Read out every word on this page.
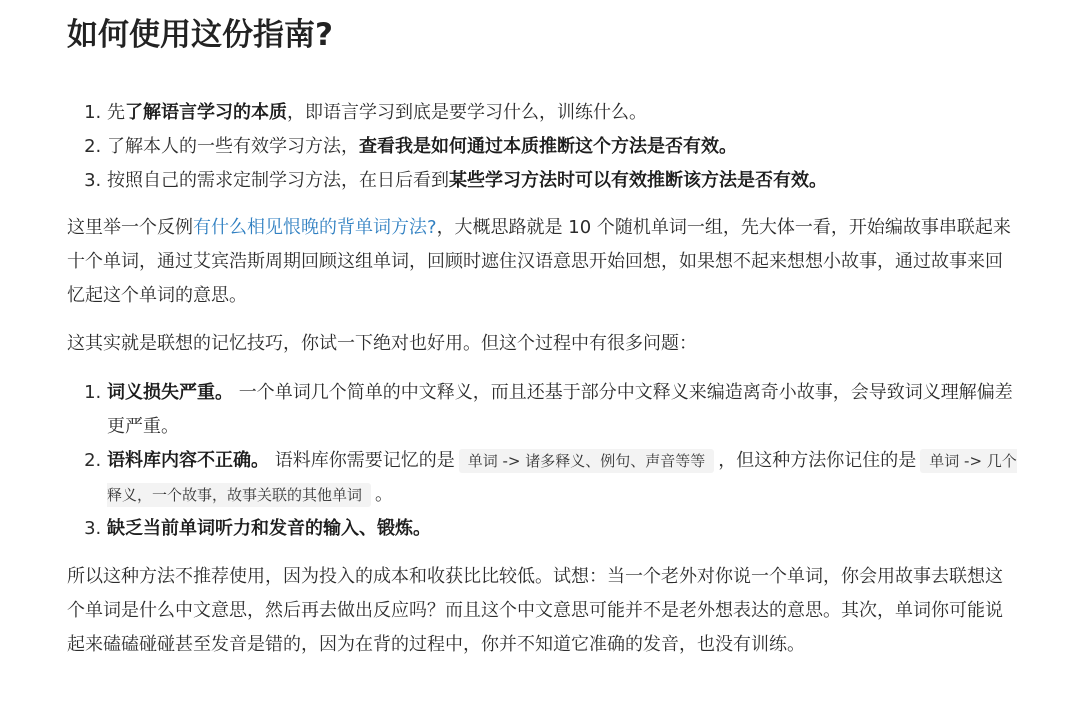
如何使用这份指南?
1. 先了解语言学习的本质，即语言学习到底是要学习什么，训练什么。
2. 了解本人的一些有效学习方法，查看我是如何通过本质推断这个方法是否有效。
3. 按照自己的需求定制学习方法，在日后看到某些学习方法时可以有效推断该方法是否有效。

这里举一个反例有什么相见恨晚的背单词方法?，大概思路就是 10 个随机单词一组，先大体一看，开始编故事串联起来十个单词，通过艾宾浩斯周期回顾这组单词，回顾时遮住汉语意思开始回想，如果想不起来想想小故事，通过故事来回忆起这个单词的意思。

这其实就是联想的记忆技巧，你试一下绝对也好用。但这个过程中有很多问题：

1. 词义损失严重。 一个单词几个简单的中文释义，而且还基于部分中文释义来编造离奇小故事，会导致词义理解偏差更严重。
2. 语料库内容不正确。 语料库你需要记忆的是 单词 -> 诸多释义、例句、声音等等 ，但这种方法你记住的是 单词 -> 几个释义，一个故事，故事关联的其他单词 。
3. 缺乏当前单词听力和发音的输入、锻炼。

所以这种方法不推荐使用，因为投入的成本和收获比比较低。试想：当一个老外对你说一个单词，你会用故事去联想这个单词是什么中文意思，然后再去做出反应吗？而且这个中文意思可能并不是老外想表达的意思。其次，单词你可能说起来磕磕碰碰甚至发音是错的，因为在背的过程中，你并不知道它准确的发音，也没有训练。
